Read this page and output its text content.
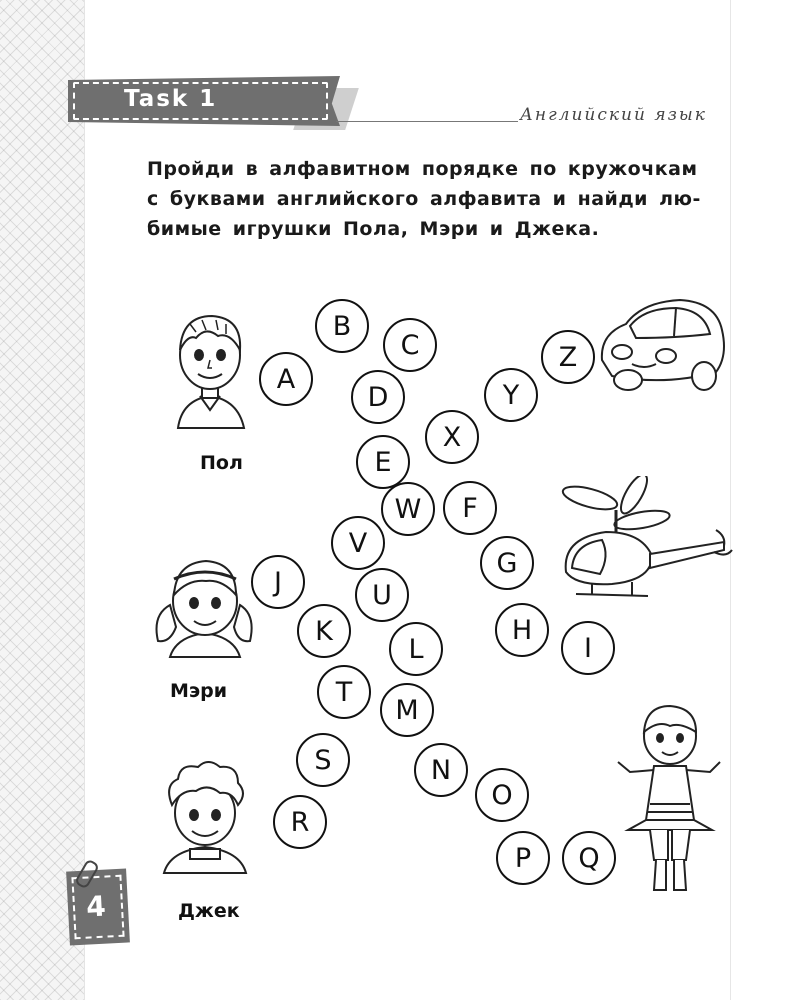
Task 1
Английский язык
Пройди в алфавитном порядке по кружочкам
с буквами английского алфавита и найди лю-
бимые игрушки Пола, Мэри и Джека.
Пол
Мэри
Джек
A
B
C
D
E
F
G
H
I
J
K
L
M
N
O
P	Q
R
S
T
U
V
W
X
Y
Z
4
